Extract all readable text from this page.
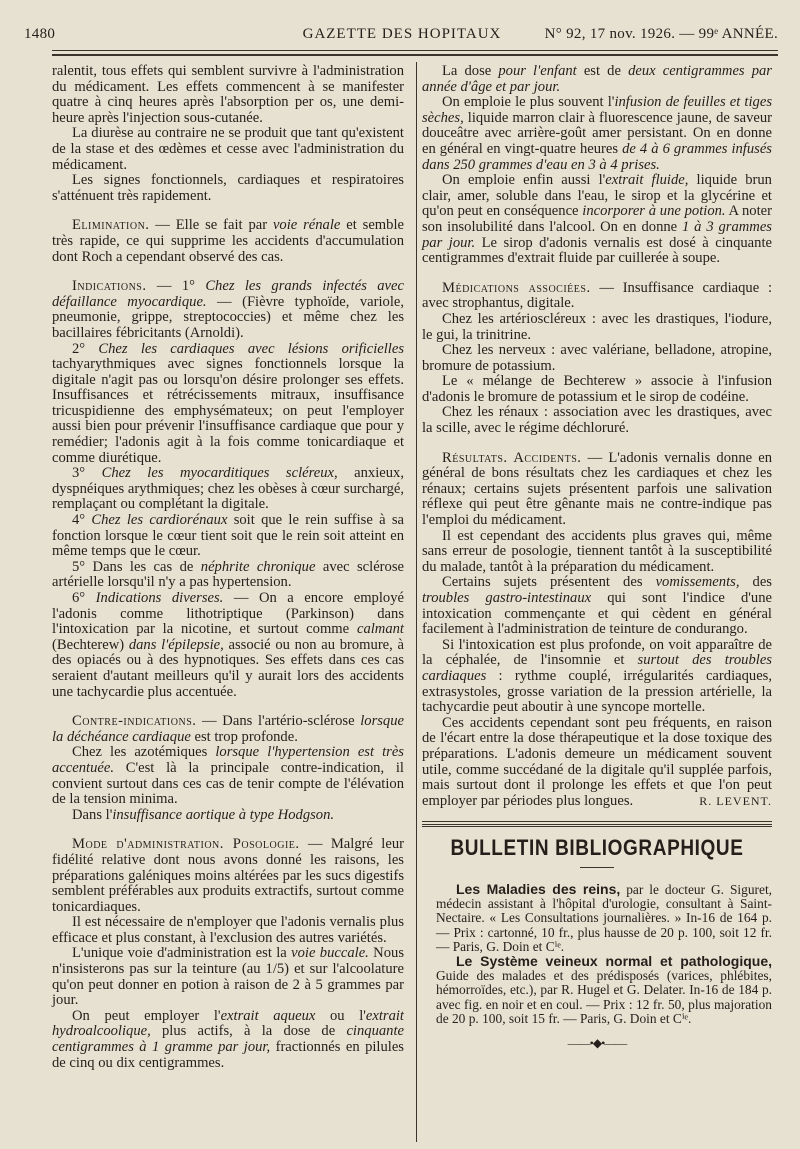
1480	GAZETTE DES HOPITAUX	N° 92, 17 nov. 1926. — 99ᵉ ANNÉE.

ralentit, tous effets qui semblent survivre à l'administration du médicament. Les effets commencent à se manifester quatre à cinq heures après l'absorption per os, une demi-heure après l'injection sous-cutanée.

La diurèse au contraire ne se produit que tant qu'existent de la stase et des œdèmes et cesse avec l'administration du médicament.

Les signes fonctionnels, cardiaques et respiratoires s'atténuent très rapidement.

Elimination. — Elle se fait par voie rénale et semble très rapide, ce qui supprime les accidents d'accumulation dont Roch a cependant observé des cas.

Indications. — 1° Chez les grands infectés avec défaillance myocardique. — (Fièvre typhoïde, variole, pneumonie, grippe, streptococcies) et même chez les bacillaires fébricitants (Arnoldi).

2° Chez les cardiaques avec lésions orificielles tachyarythmiques avec signes fonctionnels lorsque la digitale n'agit pas ou lorsqu'on désire prolonger ses effets. Insuffisances et rétrécissements mitraux, insuffisance tricuspidienne des emphysémateux; on peut l'employer aussi bien pour prévenir l'insuffisance cardiaque que pour y remédier; l'adonis agit à la fois comme tonicardiaque et comme diurétique.

3° Chez les myocarditiques scléreux, anxieux, dyspnéiques arythmiques; chez les obèses à cœur surchargé, remplaçant ou complétant la digitale.

4° Chez les cardiorénaux soit que le rein suffise à sa fonction lorsque le cœur tient soit que le rein soit atteint en même temps que le cœur.

5° Dans les cas de néphrite chronique avec sclérose artérielle lorsqu'il n'y a pas hypertension.

6° Indications diverses. — On a encore employé l'adonis comme lithotriptique (Parkinson) dans l'intoxication par la nicotine, et surtout comme calmant (Bechterew) dans l'épilepsie, associé ou non au bromure, à des opiacés ou à des hypnotiques. Ses effets dans ces cas seraient d'autant meilleurs qu'il y aurait lors des accidents une tachycardie plus accentuée.

Contre-indications. — Dans l'artério-sclérose lorsque la déchéance cardiaque est trop profonde.

Chez les azotémiques lorsque l'hypertension est très accentuée. C'est là la principale contre-indication, il convient surtout dans ces cas de tenir compte de l'élévation de la tension minima.

Dans l'insuffisance aortique à type Hodgson.

Mode d'administration. Posologie. — Malgré leur fidélité relative dont nous avons donné les raisons, les préparations galéniques moins altérées par les sucs digestifs semblent préférables aux produits extractifs, surtout comme tonicardiaques.

Il est nécessaire de n'employer que l'adonis vernalis plus efficace et plus constant, à l'exclusion des autres variétés.

L'unique voie d'administration est la voie buccale. Nous n'insisterons pas sur la teinture (au 1/5) et sur l'alcoolature qu'on peut donner en potion à raison de 2 à 5 grammes par jour.

On peut employer l'extrait aqueux ou l'extrait hydroalcoolique, plus actifs, à la dose de cinquante centigrammes à 1 gramme par jour, fractionnés en pilules de cinq ou dix centigrammes.

La dose pour l'enfant est de deux centigrammes par année d'âge et par jour.

On emploie le plus souvent l'infusion de feuilles et tiges sèches, liquide marron clair à fluorescence jaune, de saveur douceâtre avec arrière-goût amer persistant. On en donne en général en vingt-quatre heures de 4 à 6 grammes infusés dans 250 grammes d'eau en 3 à 4 prises.

On emploie enfin aussi l'extrait fluide, liquide brun clair, amer, soluble dans l'eau, le sirop et la glycérine et qu'on peut en conséquence incorporer à une potion. A noter son insolubilité dans l'alcool. On en donne 1 à 3 grammes par jour. Le sirop d'adonis vernalis est dosé à cinquante centigrammes d'extrait fluide par cuillerée à soupe.

Médications associées. — Insuffisance cardiaque : avec strophantus, digitale.

Chez les artérioscléreux : avec les drastiques, l'iodure, le gui, la trinitrine.

Chez les nerveux : avec valériane, belladone, atropine, bromure de potassium.

Le « mélange de Bechterew » associe à l'infusion d'adonis le bromure de potassium et le sirop de codéine.

Chez les rénaux : association avec les drastiques, avec la scille, avec le régime déchloruré.

Résultats. Accidents. — L'adonis vernalis donne en général de bons résultats chez les cardiaques et chez les rénaux; certains sujets présentent parfois une salivation réflexe qui peut être gênante mais ne contre-indique pas l'emploi du médicament.

Il est cependant des accidents plus graves qui, même sans erreur de posologie, tiennent tantôt à la susceptibilité du malade, tantôt à la préparation du médicament.

Certains sujets présentent des vomissements, des troubles gastro-intestinaux qui sont l'indice d'une intoxication commençante et qui cèdent en général facilement à l'administration de teinture de condurango.

Si l'intoxication est plus profonde, on voit apparaître de la céphalée, de l'insomnie et surtout des troubles cardiaques : rythme couplé, irrégularités cardiaques, extrasystoles, grosse variation de la pression artérielle, la tachycardie peut aboutir à une syncope mortelle.

Ces accidents cependant sont peu fréquents, en raison de l'écart entre la dose thérapeutique et la dose toxique des préparations. L'adonis demeure un médicament souvent utile, comme succédané de la digitale qu'il supplée parfois, mais surtout dont il prolonge les effets et que l'on peut employer par périodes plus longues.	R. LEVENT.

BULLETIN BIBLIOGRAPHIQUE

Les Maladies des reins, par le docteur G. Siguret, médecin assistant à l'hôpital d'urologie, consultant à Saint-Nectaire. « Les Consultations journalières. » In-16 de 164 p. — Prix : cartonné, 10 fr., plus hausse de 20 p. 100, soit 12 fr. — Paris, G. Doin et Cⁱᵉ.

Le Système veineux normal et pathologique, Guide des malades et des prédisposés (varices, phlébites, hémorroïdes, etc.), par R. Hugel et G. Delater. In-16 de 184 p. avec fig. en noir et en coul. — Prix : 12 fr. 50, plus majoration de 20 p. 100, soit 15 fr. — Paris, G. Doin et Cⁱᵉ.

——•◆•——
